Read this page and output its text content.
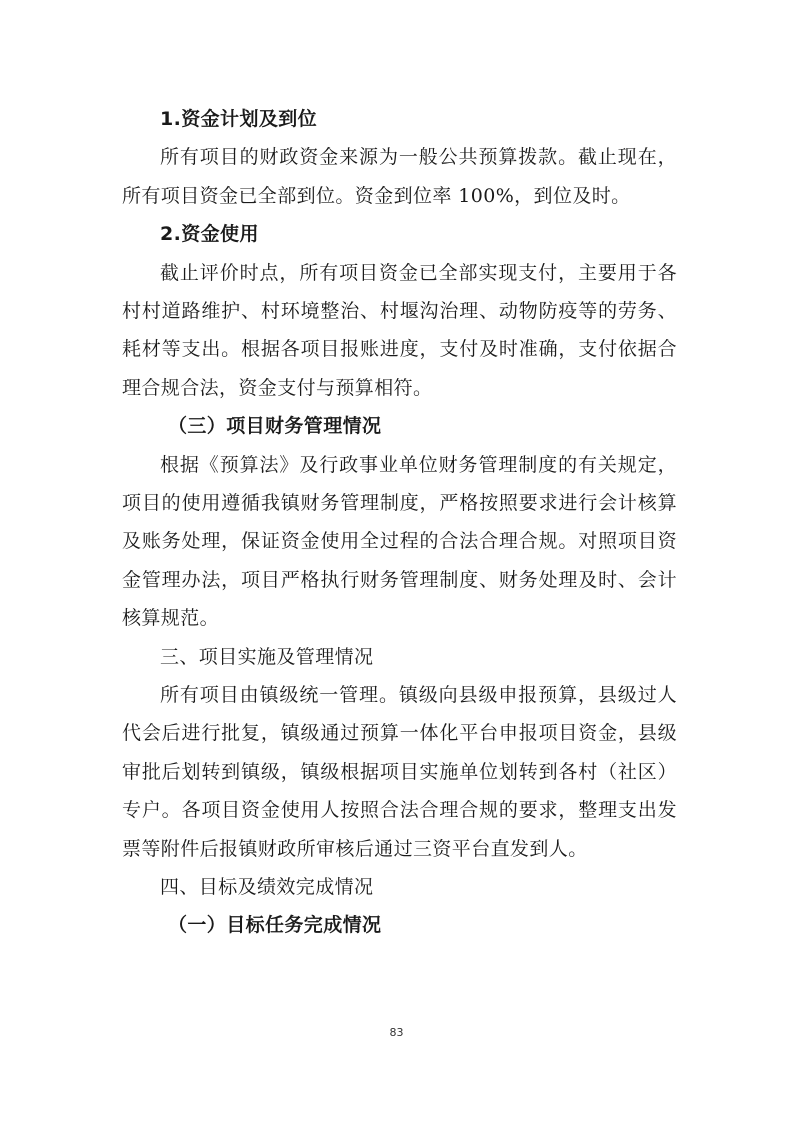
1.资金计划及到位

所有项目的财政资金来源为一般公共预算拨款。截止现在，所有项目资金已全部到位。资金到位率 100%，到位及时。

2.资金使用

截止评价时点，所有项目资金已全部实现支付，主要用于各村村道路维护、村环境整治、村堰沟治理、动物防疫等的劳务、耗材等支出。根据各项目报账进度，支付及时准确，支付依据合理合规合法，资金支付与预算相符。

（三）项目财务管理情况

根据《预算法》及行政事业单位财务管理制度的有关规定，项目的使用遵循我镇财务管理制度，严格按照要求进行会计核算及账务处理，保证资金使用全过程的合法合理合规。对照项目资金管理办法，项目严格执行财务管理制度、财务处理及时、会计核算规范。

三、项目实施及管理情况

所有项目由镇级统一管理。镇级向县级申报预算，县级过人代会后进行批复，镇级通过预算一体化平台申报项目资金，县级审批后划转到镇级，镇级根据项目实施单位划转到各村（社区）专户。各项目资金使用人按照合法合理合规的要求，整理支出发票等附件后报镇财政所审核后通过三资平台直发到人。

四、目标及绩效完成情况
（一）目标任务完成情况
83
